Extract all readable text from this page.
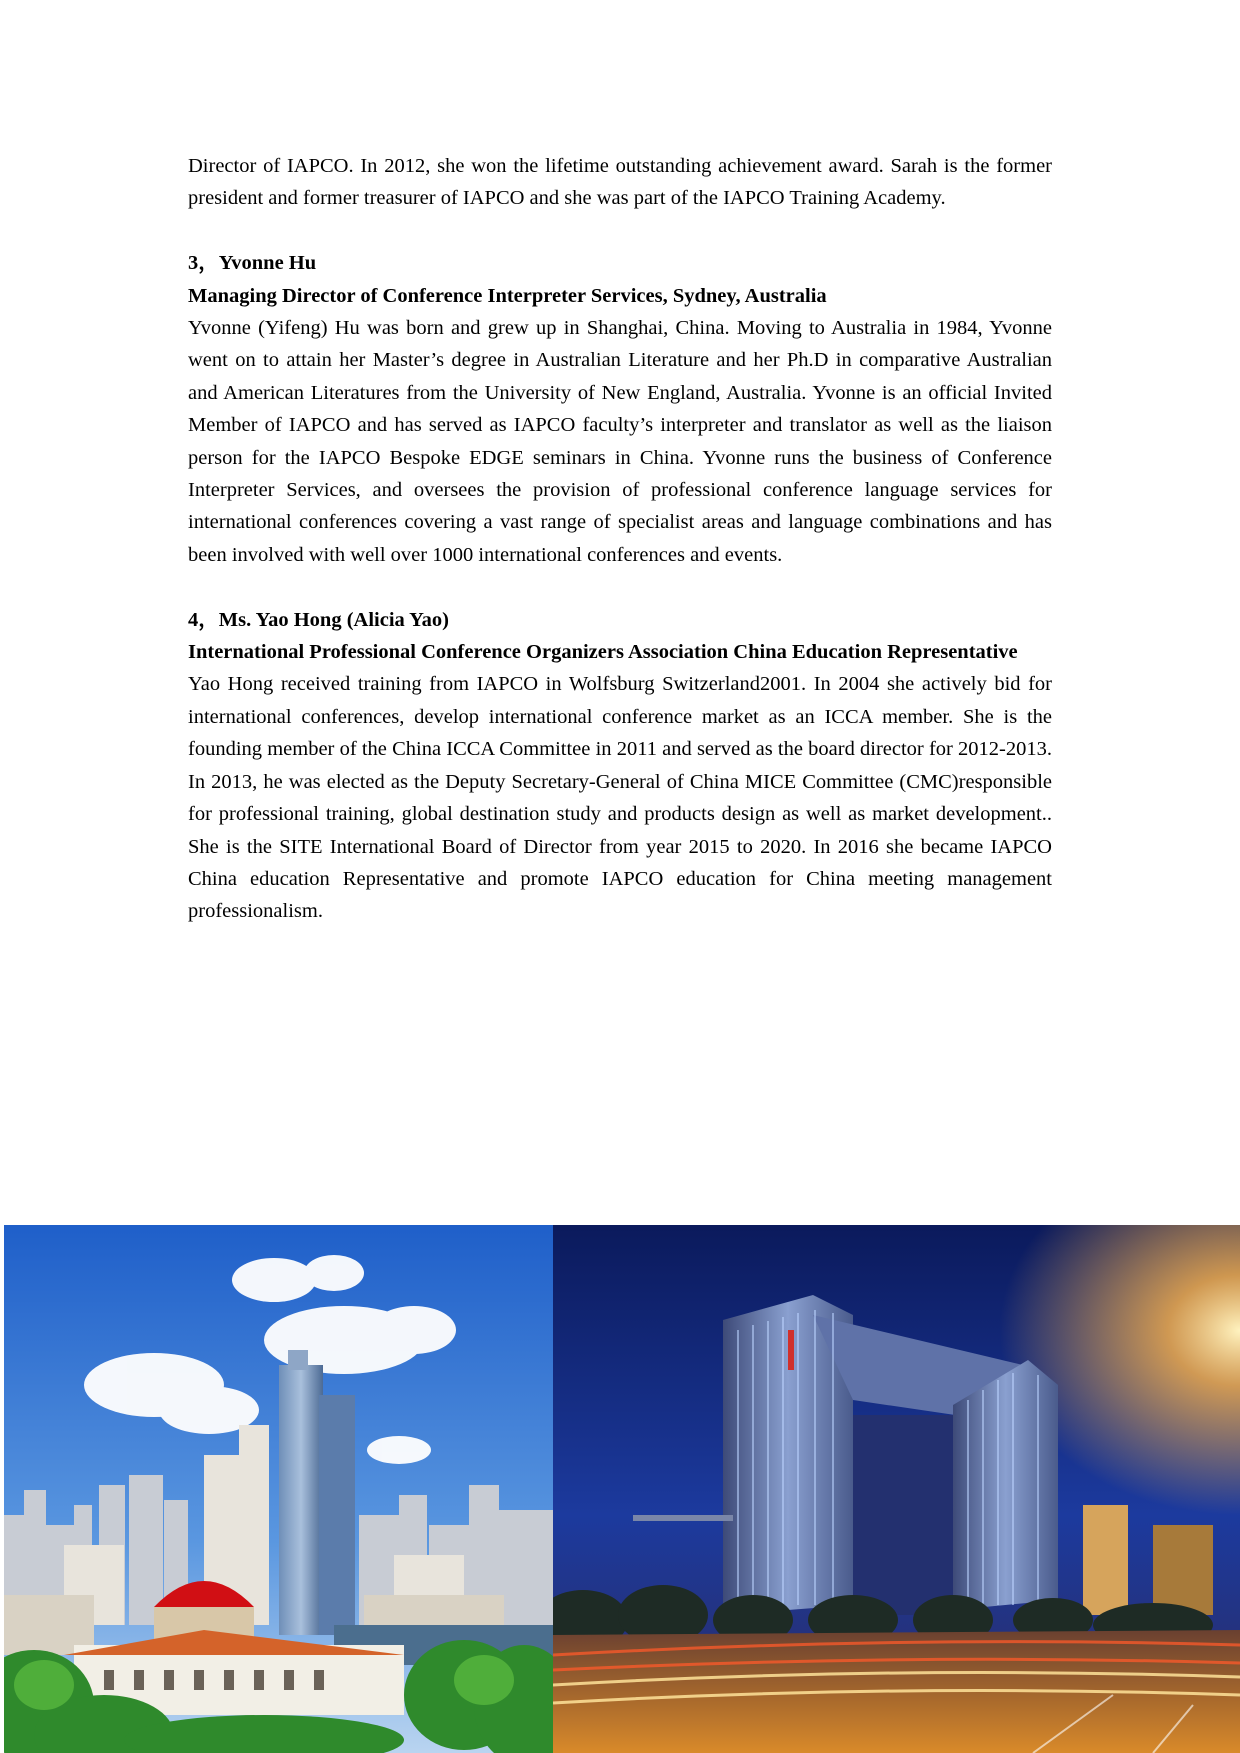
Director of IAPCO. In 2012, she won the lifetime outstanding achievement award. Sarah is the former president and former treasurer of IAPCO and she was part of the IAPCO Training Academy.

3，Yvonne Hu

Managing Director of Conference Interpreter Services, Sydney, Australia

Yvonne (Yifeng) Hu was born and grew up in Shanghai, China. Moving to Australia in 1984, Yvonne went on to attain her Master’s degree in Australian Literature and her Ph.D in comparative Australian and American Literatures from the University of New England, Australia. Yvonne is an official Invited Member of IAPCO and has served as IAPCO faculty’s interpreter and translator as well as the liaison person for the IAPCO Bespoke EDGE seminars in China. Yvonne runs the business of Conference Interpreter Services, and oversees the provision of professional conference language services for international conferences covering a vast range of specialist areas and language combinations and has been involved with well over 1000 international conferences and events.

4，Ms. Yao Hong (Alicia Yao)

International Professional Conference Organizers Association China Education Representative

Yao Hong received training from IAPCO in Wolfsburg Switzerland2001. In 2004 she actively bid for international conferences, develop international conference market as an ICCA member. She is the founding member of the China ICCA Committee in 2011 and served as the board director for 2012-2013. In 2013, he was elected as the Deputy Secretary-General of China MICE Committee (CMC)responsible for professional training, global destination study and products design as well as market development.. She is the SITE International Board of Director from year 2015 to 2020. In 2016 she became IAPCO China education Representative and promote IAPCO education for China meeting management professionalism.
